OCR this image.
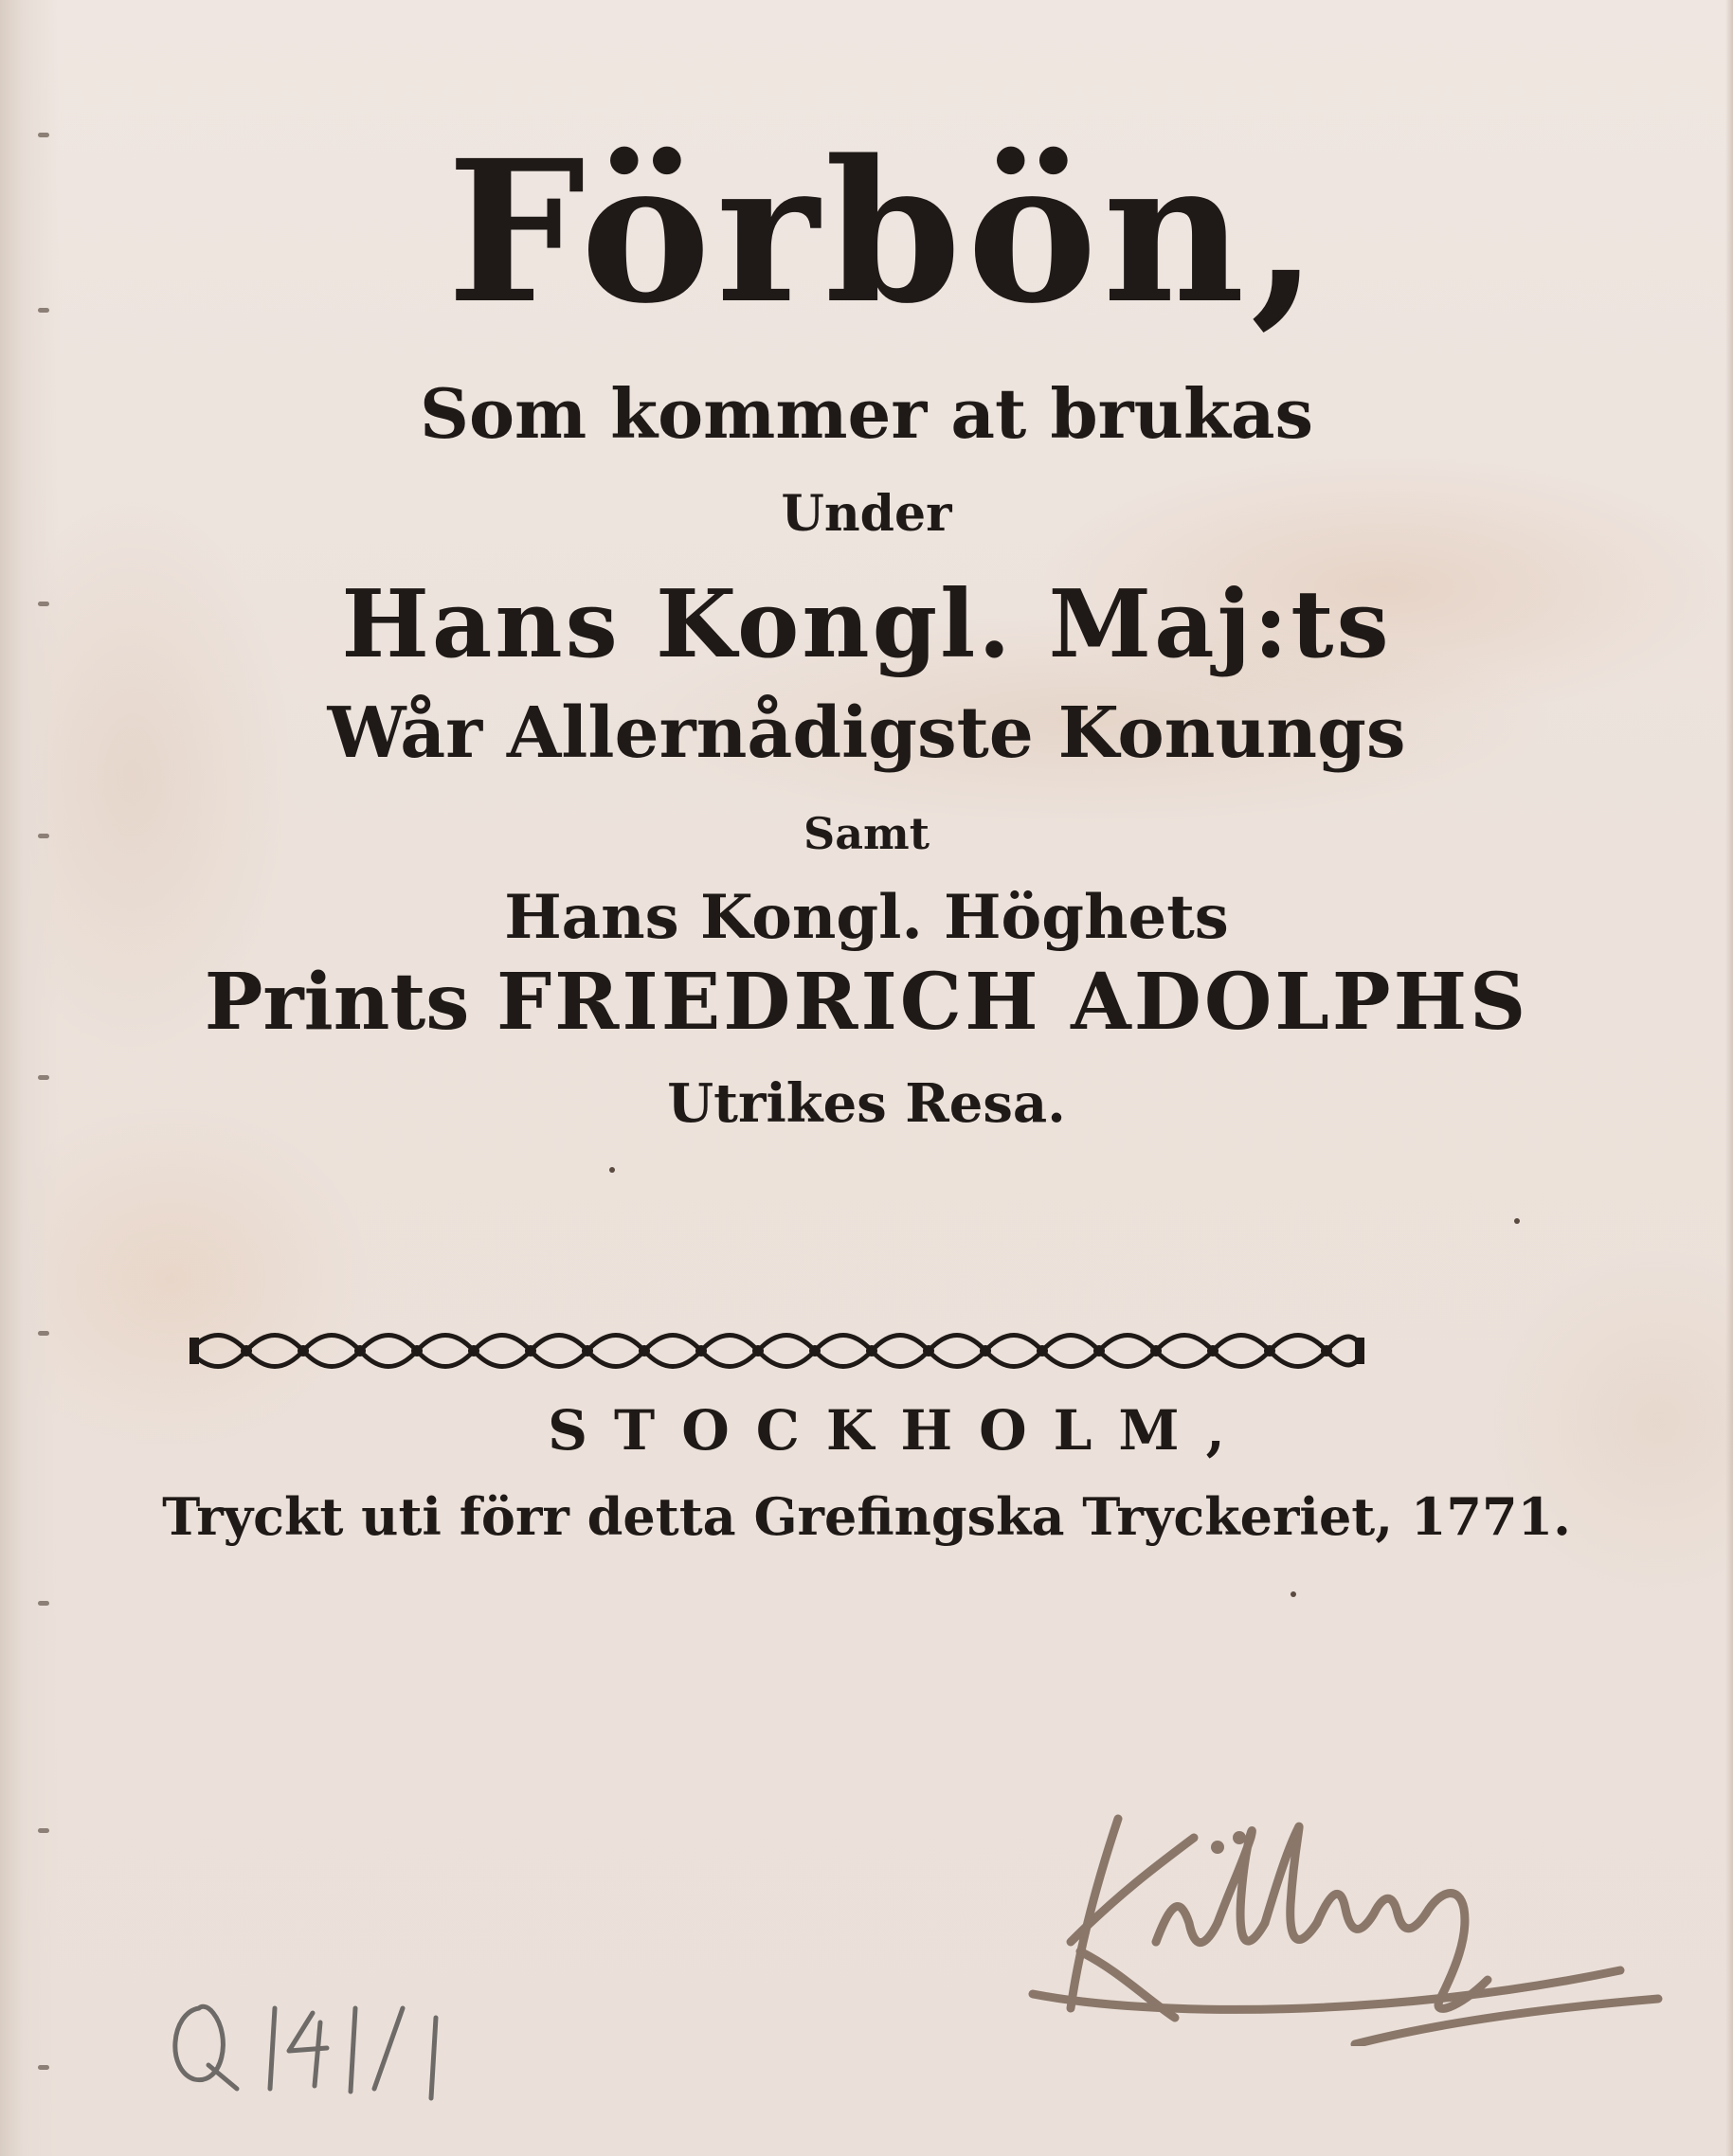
Förbön,

Som kommer at brukas

Under

Hans Kongl. Maj:ts

Wår Allernådigste Konungs

Samt

Hans Kongl. Höghets

Prints FRIEDRICH ADOLPHS

Utrikes Resa.

STOCKHOLM,

Tryckt uti förr detta Grefingska Tryckeriet, 1771.

Kjellberg
Q 141/1
